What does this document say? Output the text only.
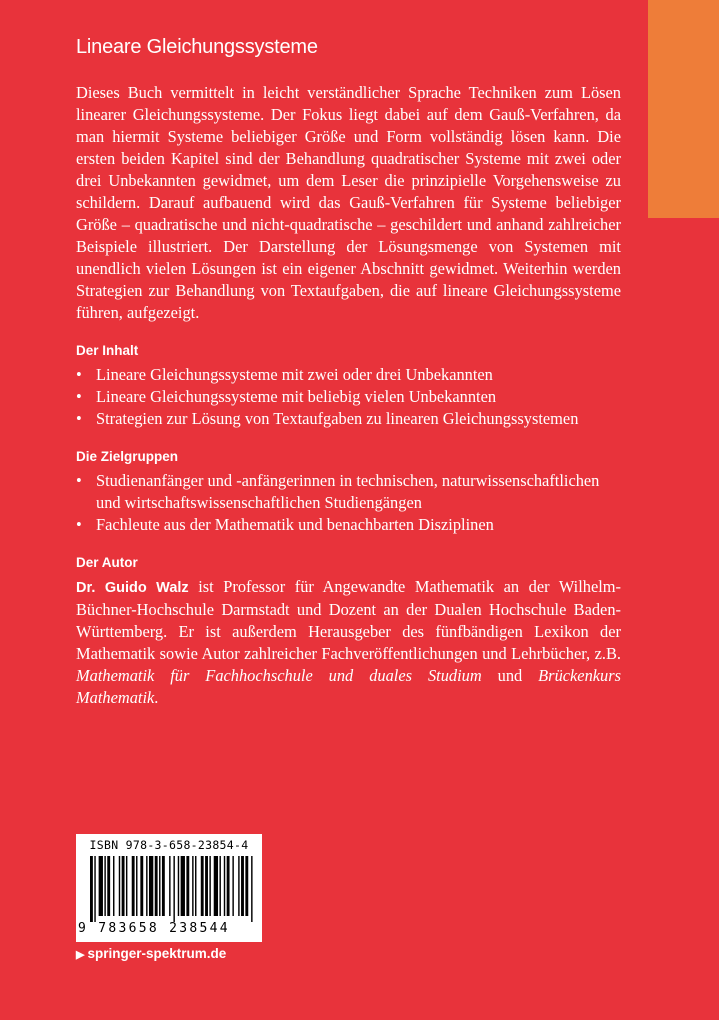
Lineare Gleichungssysteme

Dieses Buch vermittelt in leicht verständlicher Sprache Techniken zum Lösen linearer Gleichungssysteme. Der Fokus liegt dabei auf dem Gauß-Verfahren, da man hiermit Systeme beliebiger Größe und Form vollständig lösen kann. Die ersten beiden Kapitel sind der Behandlung quadratischer Systeme mit zwei oder drei Unbekannten gewidmet, um dem Leser die prinzipielle Vorgehensweise zu schildern. Darauf aufbauend wird das Gauß-Verfahren für Systeme beliebiger Größe – quadratische und nicht-quadratische – geschildert und anhand zahlreicher Beispiele illustriert. Der Darstellung der Lösungsmenge von Systemen mit unendlich vielen Lösungen ist ein eigener Abschnitt gewidmet. Weiterhin werden Strategien zur Behandlung von Textaufgaben, die auf lineare Gleichungssysteme führen, aufgezeigt.

Der Inhalt
• Lineare Gleichungssysteme mit zwei oder drei Unbekannten
• Lineare Gleichungssysteme mit beliebig vielen Unbekannten
• Strategien zur Lösung von Textaufgaben zu linearen Gleichungssystemen
Die Zielgruppen
• Studienanfänger und -anfängerinnen in technischen, naturwissenschaftlichen und wirtschaftswissenschaftlichen Studiengängen
• Fachleute aus der Mathematik und benachbarten Disziplinen
Der Autor

Dr. Guido Walz ist Professor für Angewandte Mathematik an der Wilhelm-Büchner-Hochschule Darmstadt und Dozent an der Dualen Hochschule Baden-Württemberg. Er ist außerdem Herausgeber des fünfbändigen Lexikon der Mathematik sowie Autor zahlreicher Fachveröffentlichungen und Lehrbücher, z.B. Mathematik für Fachhochschule und duales Studium und Brückenkurs Mathematik.

ISBN 978-3-658-23854-4
9 783658 238544
▶ springer-spektrum.de
